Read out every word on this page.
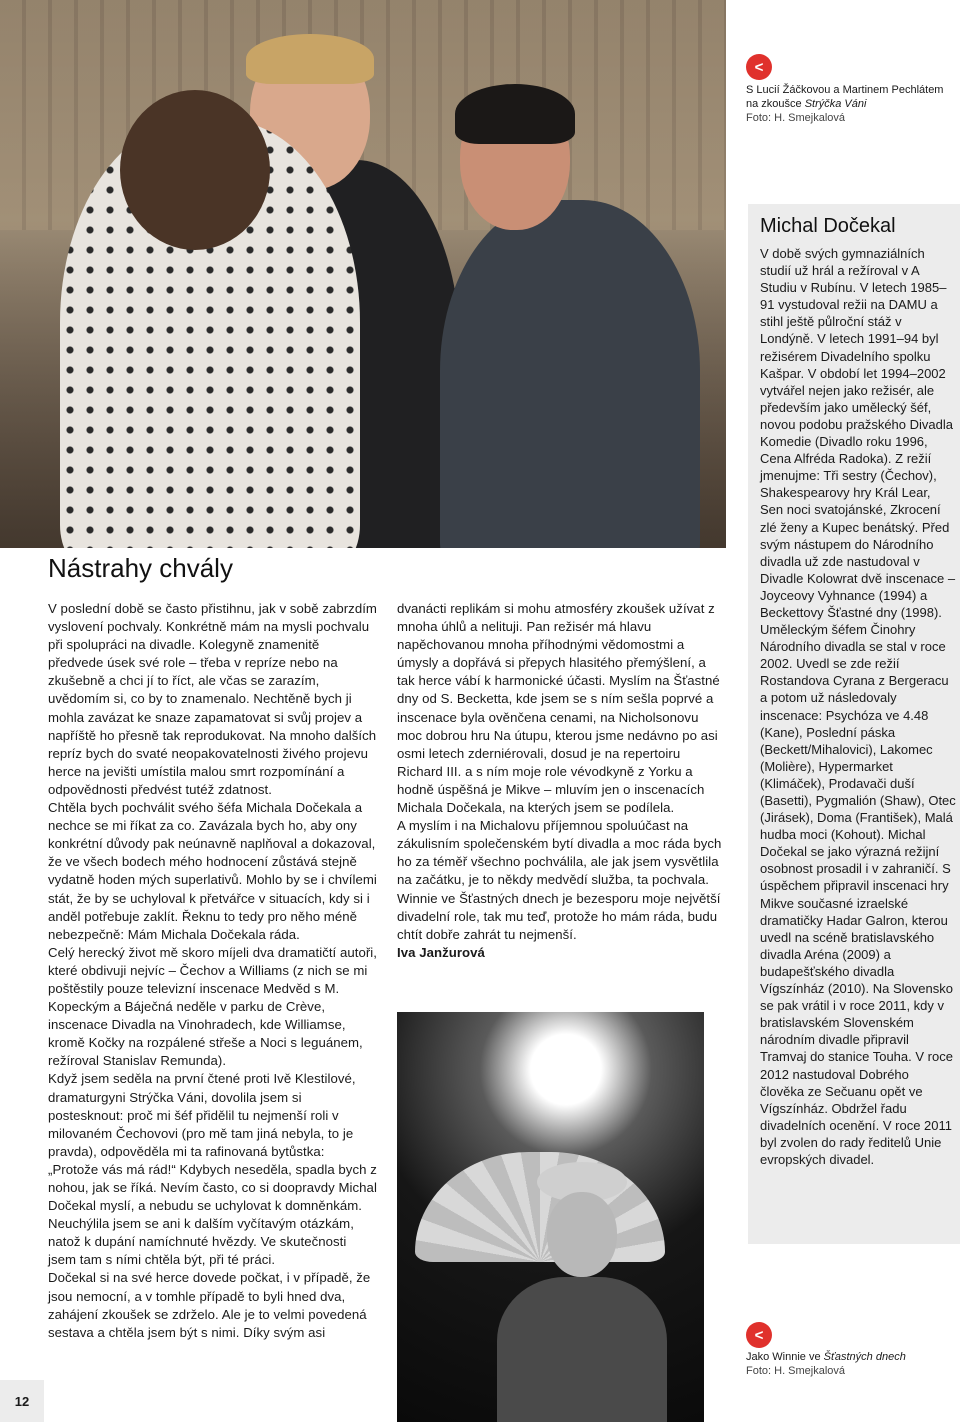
<
S Lucií Žáčkovou a Martinem Pechlátem
na zkoušce Strýčka Váni
Foto: H. Smejkalová
Michal Dočekal

V době svých gymnaziálních studií už hrál a režíroval v A Studiu v Rubínu. V letech 1985–91 vystudoval režii na DAMU a stihl ještě půlroční stáž v Londýně. V letech 1991–94 byl režisérem Divadelního spolku Kašpar. V období let 1994–2002 vytvářel nejen jako režisér, ale především jako umělecký šéf, novou podobu pražského Divadla Komedie (Divadlo roku 1996, Cena Alfréda Radoka). Z režií jmenujme: Tři sestry (Čechov), Shakespearovy hry Král Lear, Sen noci svatojánské, Zkrocení zlé ženy a Kupec benátský. Před svým nástupem do Národního divadla už zde nastudoval v Divadle Kolowrat dvě inscenace – Joyceovy Vyhnance (1994) a Beckettovy Šťastné dny (1998). Uměleckým šéfem Činohry Národního divadla se stal v roce 2002. Uvedl se zde režií Rostandova Cyrana z Bergeracu a potom už následovaly inscenace: Psychóza ve 4.48 (Kane), Poslední páska (Beckett/Mihalovici), Lakomec (Molière), Hypermarket (Klimáček), Prodavači duší (Basetti), Pygmalión (Shaw), Otec (Jirásek), Doma (František), Malá hudba moci (Kohout). Michal Dočekal se jako výrazná režijní osobnost prosadil i v zahraničí. S úspěchem připravil inscenaci hry Mikve současné izraelské dramatičky Hadar Galron, kterou uvedl na scéně bratislavského divadla Aréna (2009) a budapešťského divadla Vígszínház (2010). Na Slovensko se pak vrátil i v roce 2011, kdy v bratislavském Slovenském národním divadle připravil Tramvaj do stanice Touha. V roce 2012 nastudoval Dobrého člověka ze Sečuanu opět ve Vígszínház. Obdržel řadu divadelních ocenění. V roce 2011 byl zvolen do rady ředitelů Unie evropských divadel.

Nástrahy chvály

V poslední době se často přistihnu, jak v sobě zabrzdím vyslovení pochvaly. Konkrétně mám na mysli pochvalu při spolupráci na divadle. Kolegyně znamenitě předvede úsek své role – třeba v repríze nebo na zkušebně a chci jí to říct, ale včas se zarazím, uvědomím si, co by to znamenalo. Nechtěně bych ji mohla zavázat ke snaze zapamatovat si svůj projev a napříště ho přesně tak reprodukovat. Na mnoho dalších repríz bych do svaté neopakovatelnosti živého projevu herce na jevišti umístila malou smrt rozpomínání a odpovědnosti předvést tutéž zdatnost.

Chtěla bych pochválit svého šéfa Michala Dočekala a nechce se mi říkat za co. Zavázala bych ho, aby ony konkrétní důvody pak neúnavně naplňoval a dokazoval, že ve všech bodech mého hodnocení zůstává stejně vydatně hoden mých superlativů. Mohlo by se i chvílemi stát, že by se uchyloval k přetvářce v situacích, kdy si i anděl potřebuje zaklít. Řeknu to tedy pro něho méně nebezpečně: Mám Michala Dočekala ráda.

Celý herecký život mě skoro míjeli dva dramatičtí autoři, které obdivuji nejvíc – Čechov a Williams (z nich se mi poštěstily pouze televizní inscenace Medvěd s M. Kopeckým a Báječná neděle v parku de Crève, inscenace Divadla na Vinohradech, kde Williamse, kromě Kočky na rozpálené střeše a Noci s leguánem, režíroval Stanislav Remunda).

Když jsem seděla na první čtené proti Ivě Klestilové, dramaturgyni Strýčka Váni, dovolila jsem si postesknout: proč mi šéf přidělil tu nejmenší roli v milovaném Čechovovi (pro mě tam jiná nebyla, to je pravda), odpověděla mi ta rafinovaná bytůstka: „Protože vás má rád!“ Kdybych neseděla, spadla bych z nohou, jak se říká. Nevím často, co si doopravdy Michal Dočekal myslí, a nebudu se uchylovat k domněnkám. Neuchýlila jsem se ani k dalším vyčítavým otázkám, natož k dupání namíchnuté hvězdy. Ve skutečnosti jsem tam s ními chtěla být, při té práci.

Dočekal si na své herce dovede počkat, i v případě, že jsou nemocní, a v tomhle případě to byli hned dva, zahájení zkoušek se zdrželo. Ale je to velmi povedená sestava a chtěla jsem být s nimi. Díky svým asi

dvanácti replikám si mohu atmosféry zkoušek užívat z mnoha úhlů a nelituji. Pan režisér má hlavu napěchovanou mnoha příhodnými vědomostmi a úmysly a dopřává si přepych hlasitého přemýšlení, a tak herce vábí k harmonické účasti. Myslím na Šťastné dny od S. Becketta, kde jsem se s ním sešla poprvé a inscenace byla ověnčena cenami, na Nicholsonovu moc dobrou hru Na útupu, kterou jsme nedávno po asi osmi letech zderniérovali, dosud je na repertoiru Richard III. a s ním moje role vévodkyně z Yorku a hodně úspěšná je Mikve – mluvím jen o inscenacích Michala Dočekala, na kterých jsem se podílela.

A myslím i na Michalovu příjemnou spoluúčast na zákulisním společenském bytí divadla a moc ráda bych ho za téměř všechno pochválila, ale jak jsem vysvětlila na začátku, je to někdy medvědí služba, ta pochvala. Winnie ve Šťastných dnech je bezesporu moje největší divadelní role, tak mu teď, protože ho mám ráda, budu chtít dobře zahrát tu nejmenší.

Iva Janžurová

<
Jako Winnie ve Šťastných dnech
Foto: H. Smejkalová
12
